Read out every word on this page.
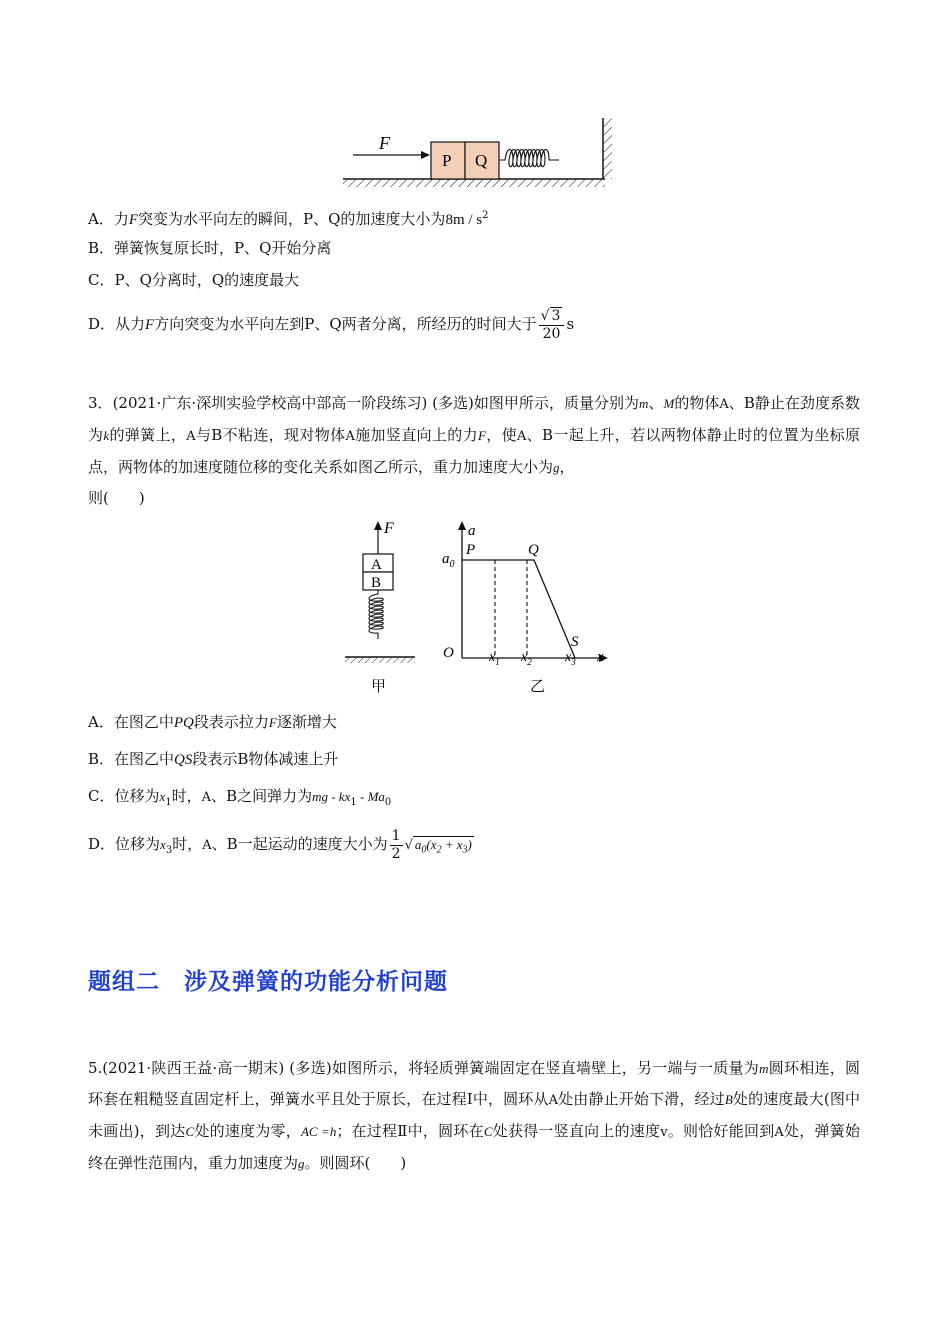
F
P Q
A．力F突变为水平向左的瞬间，P、Q的加速度大小为$8m / s^2$
B．弹簧恢复原长时，P、Q开始分离
C．P、Q分离时，Q的速度最大
D．从力F方向突变为水平向左到P、Q两者分离，所经历的时间大于 $\frac{√ 3}{20}$ s
3．(2021·广东·深圳实验学校高中部高一阶段练习) (多选)如图甲所示，质量分别为m、M的物体A、B静止在劲度系数为k的弹簧上，A与B不粘连，现对物体A施加竖直向上的力F，使A、B一起上升，若以两物体静止时的位置为坐标原点，两物体的加速度随位移的变化关系如图乙所示，重力加速度大小为g，
则(　　)
F
A
B
甲
a
x
$a_0$
P	Q
S
O	$x_1$ $x_2$ $x_3$
乙
A．在图乙中PQ段表示拉力F逐渐增大
B．在图乙中QS段表示B物体减速上升
C．位移为$x_1$时，A、B之间弹力为mg - $kx_1 - Ma_0$
D．位移为$x_3$时，A、B一起运动的速度大小为 $\frac{1}{2}$ √ $a_0(x_2 + x_3)$
题组二　涉及弹簧的功能分析问题
5.(2021·陕西王益·高一期末) (多选)如图所示，将轻质弹簧端固定在竖直墙壁上，另一端与一质量为m圆环相连，圆环套在粗糙竖直固定杆上，弹簧水平且处于原长，在过程Ⅰ中，圆环从A处由静止开始下滑，经过B处的速度最大(图中未画出)，到达C处的速度为零，AC =h；在过程Ⅱ中，圆环在C处获得一竖直向上的速度v。则恰好能回到A处，弹簧始终在弹性范围内，重力加速度为g。则圆环(　　)
